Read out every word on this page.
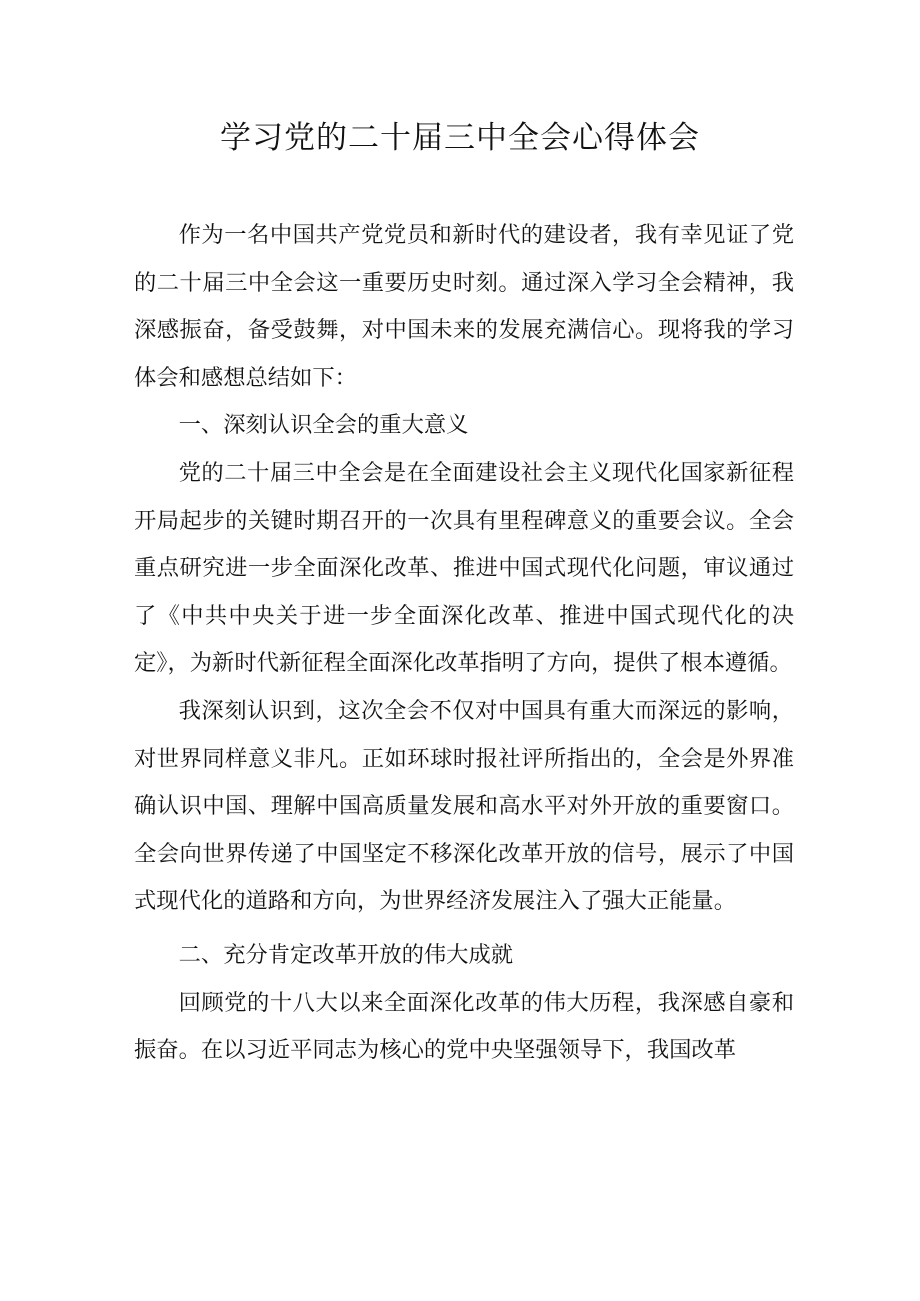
学习党的二十届三中全会心得体会

作为一名中国共产党党员和新时代的建设者，我有幸见证了党的二十届三中全会这一重要历史时刻。通过深入学习全会精神，我深感振奋，备受鼓舞，对中国未来的发展充满信心。现将我的学习体会和感想总结如下：

一、深刻认识全会的重大意义

党的二十届三中全会是在全面建设社会主义现代化国家新征程开局起步的关键时期召开的一次具有里程碑意义的重要会议。全会重点研究进一步全面深化改革、推进中国式现代化问题，审议通过了《中共中央关于进一步全面深化改革、推进中国式现代化的决定》，为新时代新征程全面深化改革指明了方向，提供了根本遵循。

我深刻认识到，这次全会不仅对中国具有重大而深远的影响，对世界同样意义非凡。正如环球时报社评所指出的，全会是外界准确认识中国、理解中国高质量发展和高水平对外开放的重要窗口。全会向世界传递了中国坚定不移深化改革开放的信号，展示了中国式现代化的道路和方向，为世界经济发展注入了强大正能量。

二、充分肯定改革开放的伟大成就

回顾党的十八大以来全面深化改革的伟大历程，我深感自豪和振奋。在以习近平同志为核心的党中央坚强领导下，我国改革
